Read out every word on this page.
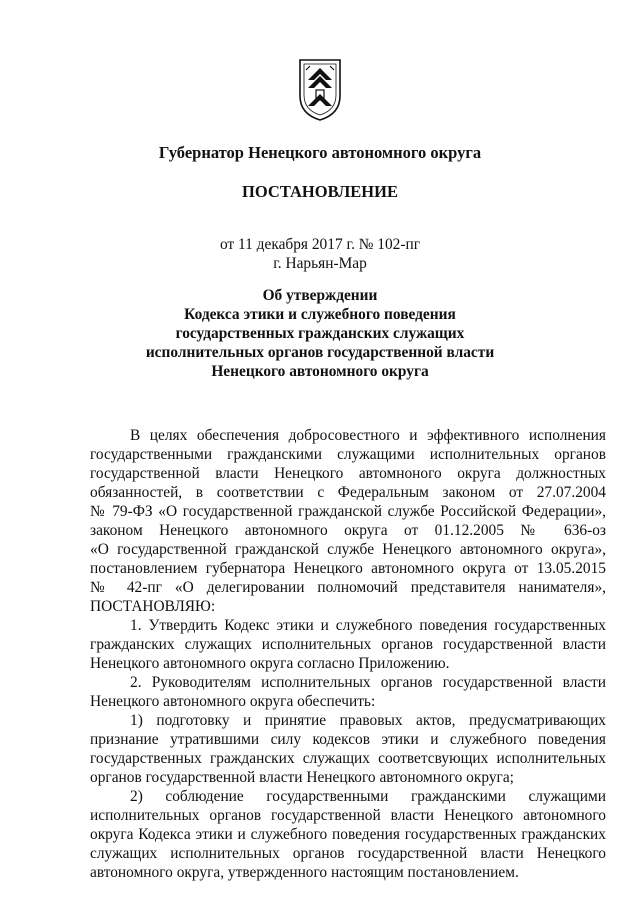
Губернатор Ненецкого автономного округа
ПОСТАНОВЛЕНИЕ
от 11 декабря 2017 г. № 102-пг
г. Нарьян-Мар
Об утверждении
Кодекса этики и служебного поведения
государственных гражданских служащих
исполнительных органов государственной власти
Ненецкого автономного округа
В целях обеспечения добросовестного и эффективного исполнения
государственными гражданскими служащими исполнительных органов
государственной власти Ненецкого автомноного округа должностных
обязанностей, в соответствии с Федеральным законом от 27.07.2004
№ 79-ФЗ «О государственной гражданской службе Российской Федерации»,
законом Ненецкого автономного округа от 01.12.2005 № 636-оз
«О государственной гражданской службе Ненецкого автономного округа»,
постановлением губернатора Ненецкого автономного округа от 13.05.2015
№ 42-пг «О делегировании полномочий представителя нанимателя»,
ПОСТАНОВЛЯЮ:
1. Утвердить Кодекс этики и служебного поведения государственных
гражданских служащих исполнительных органов государственной власти
Ненецкого автономного округа согласно Приложению.
2. Руководителям исполнительных органов государственной власти
Ненецкого автономного округа обеспечить:
1) подготовку и принятие правовых актов, предусматривающих
признание утратившими силу кодексов этики и служебного поведения
государственных гражданских служащих соответсвующих исполнительных
органов государственной власти Ненецкого автономного округа;
2) соблюдение государственными гражданскими служащими
исполнительных органов государственной власти Ненецкого автономного
округа Кодекса этики и служебного поведения государственных гражданских
служащих исполнительных органов государственной власти Ненецкого
автономного округа, утвержденного настоящим постановлением.
